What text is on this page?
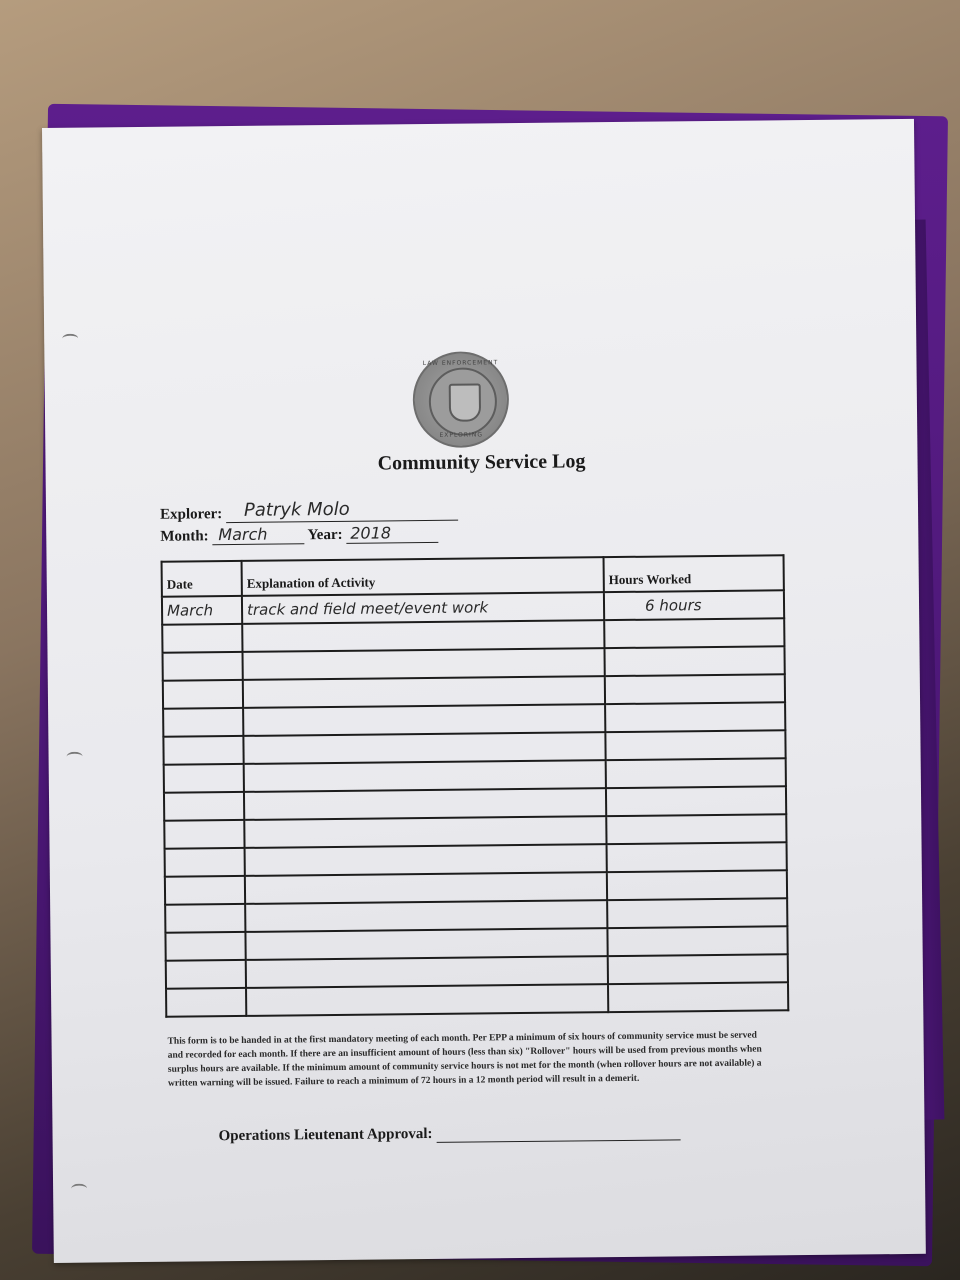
LAW ENFORCEMENT
EXPLORING
Community Service Log
Explorer: Patryk Molo
Month: March	Year: 2018
Date	Explanation of Activity	Hours Worked
March	track and field meet/event work	6 hours

This form is to be handed in at the first mandatory meeting of each month. Per EPP a minimum of six hours of community service must be served and recorded for each month. If there are an insufficient amount of hours (less than six) "Rollover" hours will be used from previous months when surplus hours are available. If the minimum amount of community service hours is not met for the month (when rollover hours are not available) a written warning will be issued. Failure to reach a minimum of 72 hours in a 12 month period will result in a demerit.
Operations Lieutenant Approval:
